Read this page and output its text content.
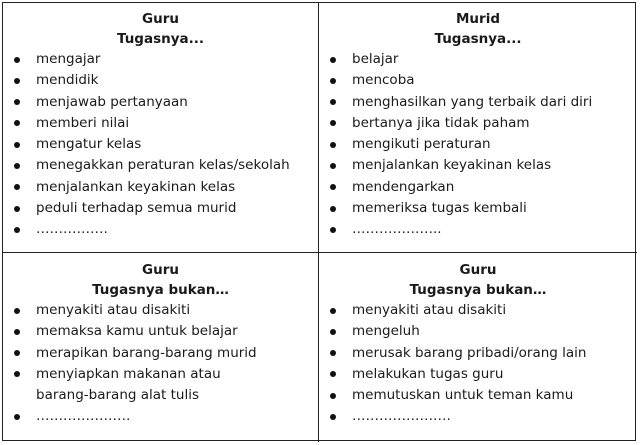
Guru
Tugasnya...
mengajar
mendidik
menjawab pertanyaan
memberi nilai
mengatur kelas
menegakkan peraturan kelas/sekolah
menjalankan keyakinan kelas
peduli terhadap semua murid
…………….
Murid
Tugasnya...
belajar
mencoba
menghasilkan yang terbaik dari diri
bertanya jika tidak paham
mengikuti peraturan
menjalankan keyakinan kelas
mendengarkan
memeriksa tugas kembali
………………..
Guru
Tugasnya bukan…
menyakiti atau disakiti
memaksa kamu untuk belajar
merapikan barang-barang murid
menyiapkan makanan atau barang-barang alat tulis
…………………
Guru
Tugasnya bukan…
menyakiti atau disakiti
mengeluh
merusak barang pribadi/orang lain
melakukan tugas guru
memutuskan untuk teman kamu
………………….
